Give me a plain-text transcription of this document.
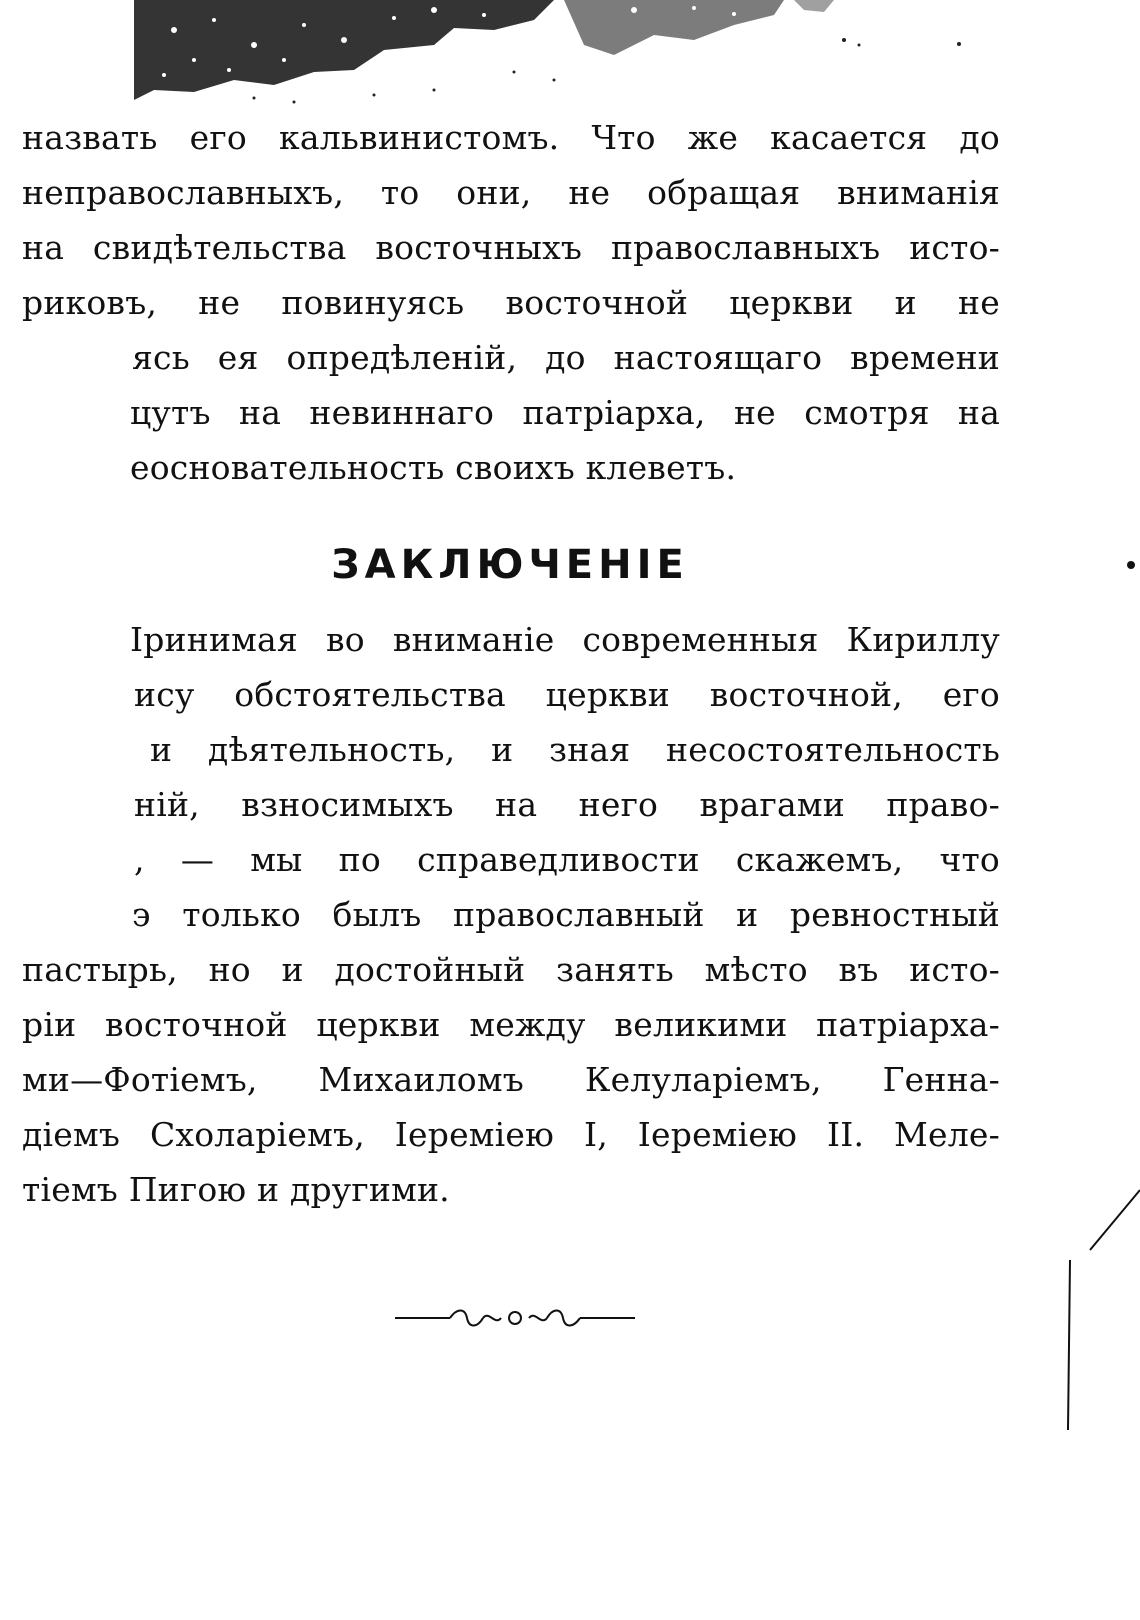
назвать его кальвинистомъ. Что же касается до
неправославныхъ, то они, не обращая вниманія
на свидѣтельства восточныхъ православныхъ исто-
риковъ, не повинуясь восточной церкви и не
ясь ея опредѣленій, до настоящаго времени
цутъ на невиннаго патріарха, не смотря на
еосновательность своихъ клеветъ.
ЗАКЛЮЧЕНІЕ
Іринимая во вниманіе современныя Кириллу
ису обстоятельства церкви восточной, его
и дѣятельность, и зная несостоятельность
ній, взносимыхъ на него врагами право-
, — мы по справедливости скажемъ, что
э только былъ православный и ревностный
пастырь, но и достойный занять мѣсто въ исто-
ріи восточной церкви между великими патріарха-
ми—Фотіемъ, Михаиломъ Келуларіемъ, Генна-
діемъ Схоларіемъ, Іереміею І, Іереміею ІІ. Меле-
тіемъ Пигою и другими.
